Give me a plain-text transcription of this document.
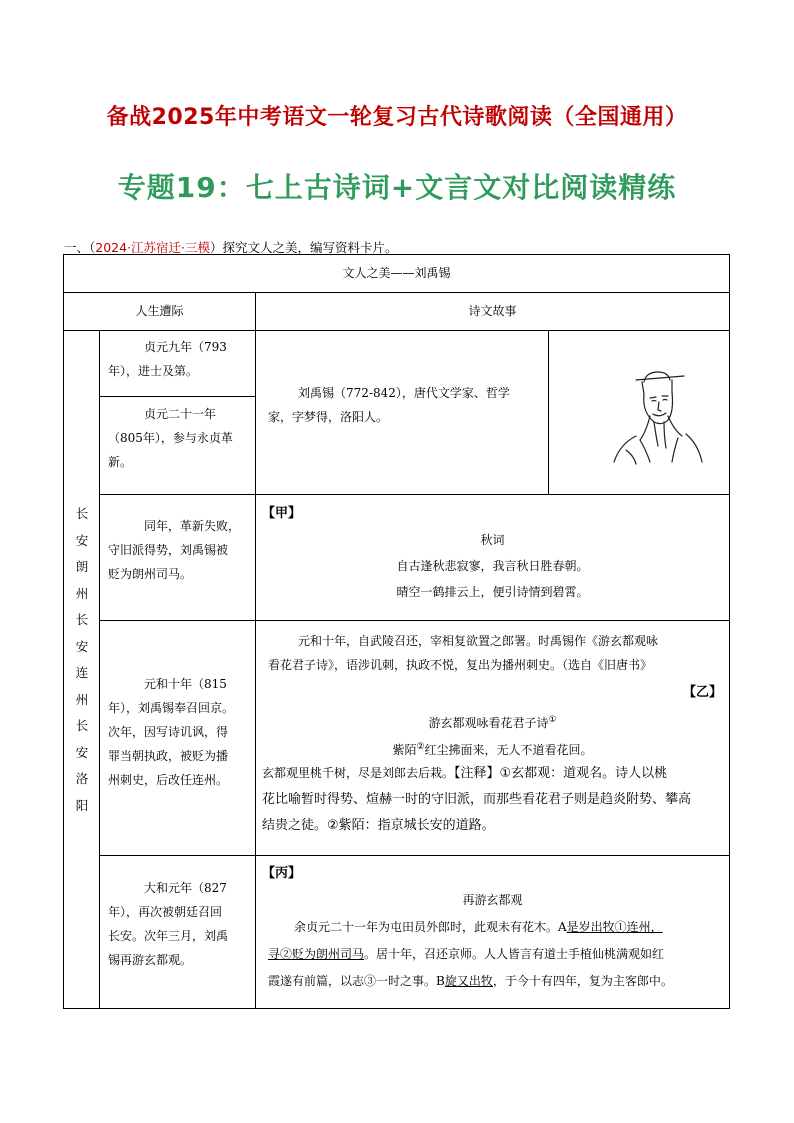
备战2025年中考语文一轮复习古代诗歌阅读（全国通用）
专题19：七上古诗词+文言文对比阅读精练
一、（2024·江苏宿迁·三模）探究文人之美，编写资料卡片。
文人之美——刘禹锡
人生遭际	诗文故事
长
安
朗
州
长
安
连
州
长
安
洛
阳
贞元九年（793
年），进士及第。
贞元二十一年
（805年），参与永贞革
新。
同年，革新失败，
守旧派得势，刘禹锡被
贬为朗州司马。
元和十年（815
年），刘禹锡奉召回京。
次年，因写诗讥讽，得
罪当朝执政，被贬为播
州刺史，后改任连州。
大和元年（827
年），再次被朝廷召回
长安。次年三月，刘禹
锡再游玄都观。
刘禹锡（772-842），唐代文学家、哲学
家，字梦得，洛阳人。
【甲】
秋词
自古逢秋悲寂寥，我言秋日胜春朝。
晴空一鹤排云上，便引诗情到碧霄。
元和十年，自武陵召还，宰相复欲置之郎署。时禹锡作《游玄都观咏
看花君子诗》，语涉讥刺，执政不悦，复出为播州刺史。（选自《旧唐书》
【乙】
游玄都观咏看花君子诗①
紫陌②红尘拂面来，无人不道看花回。
玄都观里桃千树，尽是刘郎去后栽。【注释】①玄都观：道观名。诗人以桃
花比喻暂时得势、煊赫一时的守旧派，而那些看花君子则是趋炎附势、攀高
结贵之徒。②紫陌：指京城长安的道路。
【丙】
再游玄都观
余贞元二十一年为屯田员外郎时，此观未有花木。A是岁出牧①连州，
寻②贬为朗州司马。居十年，召还京师。人人皆言有道士手植仙桃满观如红
霞遂有前篇，以志③一时之事。B旋又出牧，于今十有四年，复为主客郎中。
